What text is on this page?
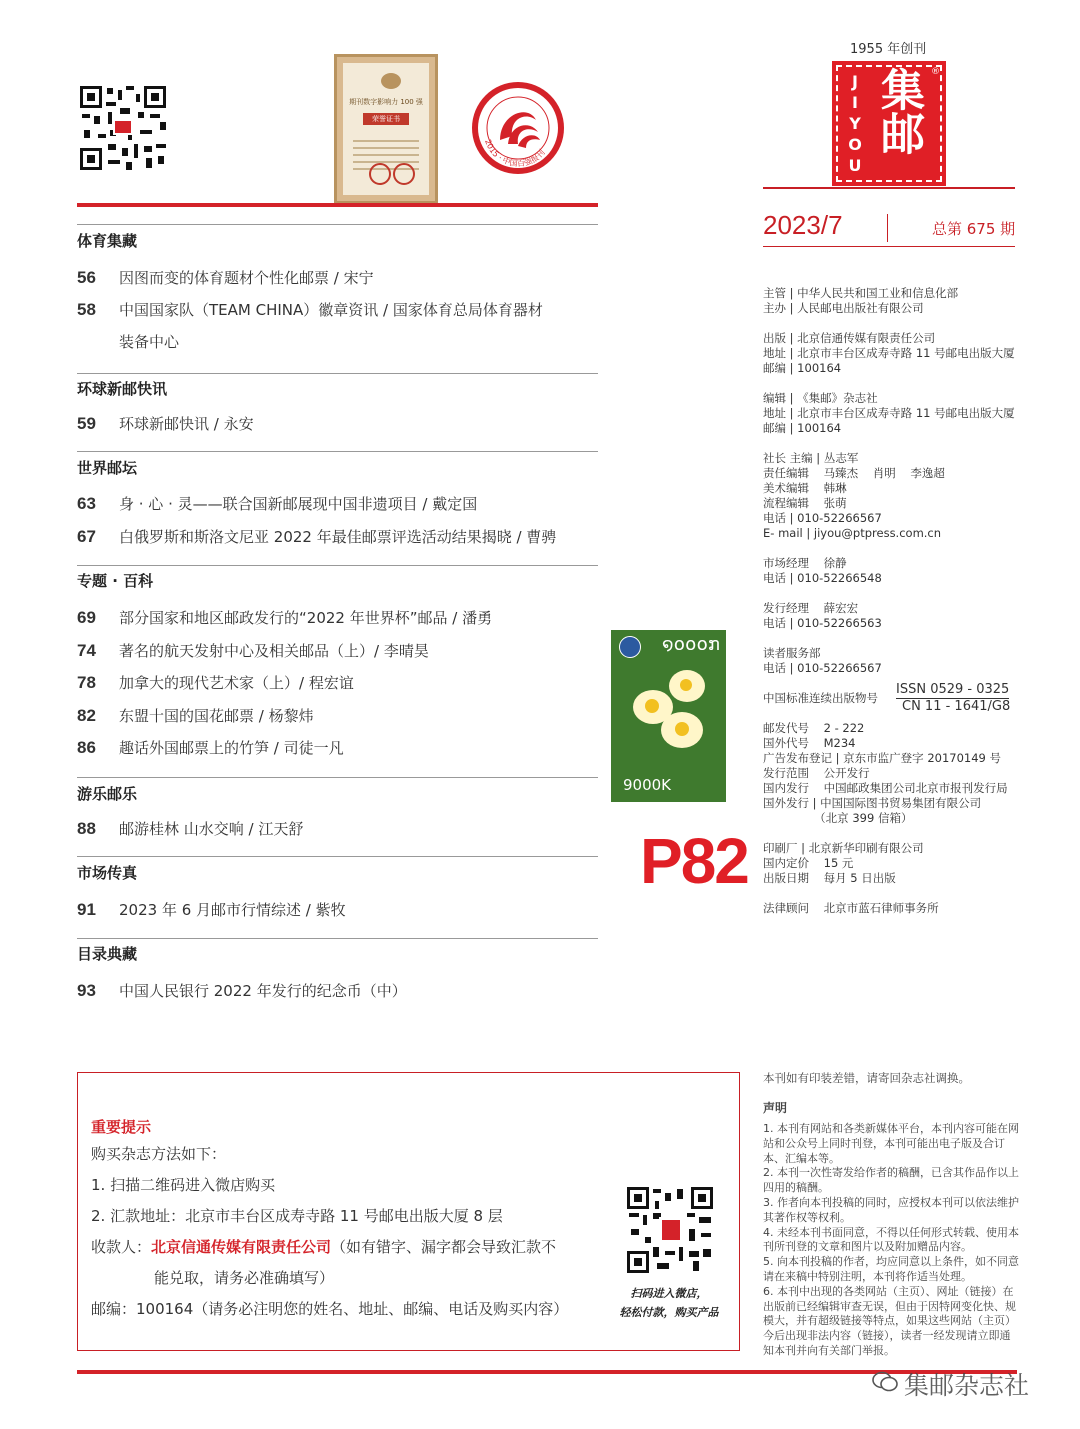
期刊数字影响力 100 强
荣誉证书
2015 · 中国百强报刊
1955 年创刊
J
I
Y
O
U
集邮 ®
2023/7	总第 675 期
体育集藏
56 因图而变的体育题材个性化邮票 / 宋宁
58 中国国家队（TEAM CHINA）徽章资讯 / 国家体育总局体育器材
装备中心
环球新邮快讯
59 环球新邮快讯 / 永安
世界邮坛
63 身 · 心 · 灵——联合国新邮展现中国非遗项目 / 戴定国
67 白俄罗斯和斯洛文尼亚 2022 年最佳邮票评选活动结果揭晓 / 曹骋
专题 · 百科
69 部分国家和地区邮政发行的“2022 年世界杯”邮品 / 潘勇
74 著名的航天发射中心及相关邮品（上）/ 李晴昊
78 加拿大的现代艺术家（上）/ 程宏谊
82 东盟十国的国花邮票 / 杨黎炜
86 趣话外国邮票上的竹笋 / 司徒一凡
游乐邮乐
88 邮游桂林 山水交响 / 江天舒
市场传真
91 2023 年 6 月邮市行情综述 / 紫牧
目录典藏
93 中国人民银行 2022 年发行的纪念币（中）
໑໐໐໐ກ
9000K
P82
主管 | 中华人民共和国工业和信息化部
主办 | 人民邮电出版社有限公司
出版 | 北京信通传媒有限责任公司
地址 | 北京市丰台区成寿寺路 11 号邮电出版大厦
邮编 | 100164
编辑 | 《集邮》杂志社
地址 | 北京市丰台区成寿寺路 11 号邮电出版大厦
邮编 | 100164
社长 主编 | 丛志军
责任编辑    马臻杰    肖明    李逸超
美术编辑    韩琳
流程编辑    张萌
电话 | 010-52266567
E- mail | jiyou@ptpress.com.cn
市场经理    徐静
电话 | 010-52266548
发行经理    薛宏宏
电话 | 010-52266563
读者服务部
电话 | 010-52266567
中国标准连续出版物号
ISSN 0529 - 0325
CN 11 - 1641/G8
邮发代号    2 - 222
国外代号    M234
广告发布登记 | 京东市监广登字 20170149 号
发行范围    公开发行
国内发行    中国邮政集团公司北京市报刊发行局
国外发行 | 中国国际图书贸易集团有限公司
（北京 399 信箱）
印刷厂 | 北京新华印刷有限公司
国内定价    15 元
出版日期    每月 5 日出版
法律顾问    北京市蓝石律师事务所
重要提示
购买杂志方法如下：
1. 扫描二维码进入微店购买
2. 汇款地址：北京市丰台区成寿寺路 11 号邮电出版大厦 8 层
收款人：北京信通传媒有限责任公司（如有错字、漏字都会导致汇款不
能兑取，请务必准确填写）
邮编：100164（请务必注明您的姓名、地址、邮编、电话及购买内容）
扫码进入微店，
轻松付款，购买产品
本刊如有印装差错，请寄回杂志社调换。
声明
1. 本刊有网站和各类新媒体平台，本刊内容可能在网站和公众号上同时刊登，本刊可能出电子版及合订本、汇编本等。
2. 本刊一次性寄发给作者的稿酬，已含其作品作以上四用的稿酬。
3. 作者向本刊投稿的同时，应授权本刊可以依法维护其著作权等权利。
4. 未经本刊书面同意，不得以任何形式转载、使用本刊所刊登的文章和图片以及附加赠品内容。
5. 向本刊投稿的作者，均应同意以上条件，如不同意请在来稿中特别注明，本刊将作适当处理。
6. 本刊中出现的各类网站（主页）、网址（链接）在出版前已经编辑审查无误，但由于因特网变化快、规模大，并有超级链接等特点，如果这些网站（主页）今后出现非法内容（链接），读者一经发现请立即通知本刊并向有关部门举报。
集邮杂志社
